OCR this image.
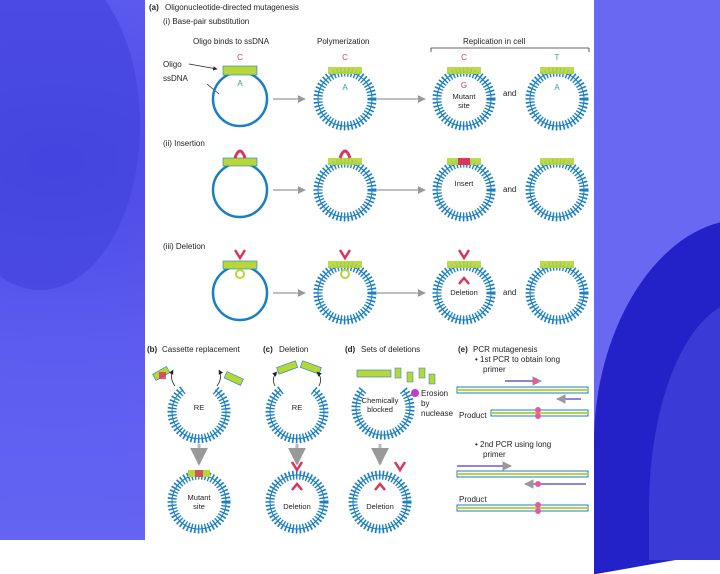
(a) Oligonucleotide-directed mutagenesis
(i) Base-pair substitution
Oligo binds to ssDNA	Polymerization	Replication in cell
Oligo
ssDNA
C
A
C
A
C
G
Mutant
site
and
T
A
(ii) Insertion
Insert
and
(iii) Deletion
Deletion	and
(b) Cassette replacement
RE
Mutant
site
(c) Deletion
RE
Deletion
(d) Sets of deletions
Chemically
blocked
Erosion
by
nuclease
Deletion
(e) PCR mutagenesis
• 1st PCR to obtain long
primer
Product
• 2nd PCR using long
primer
Product
